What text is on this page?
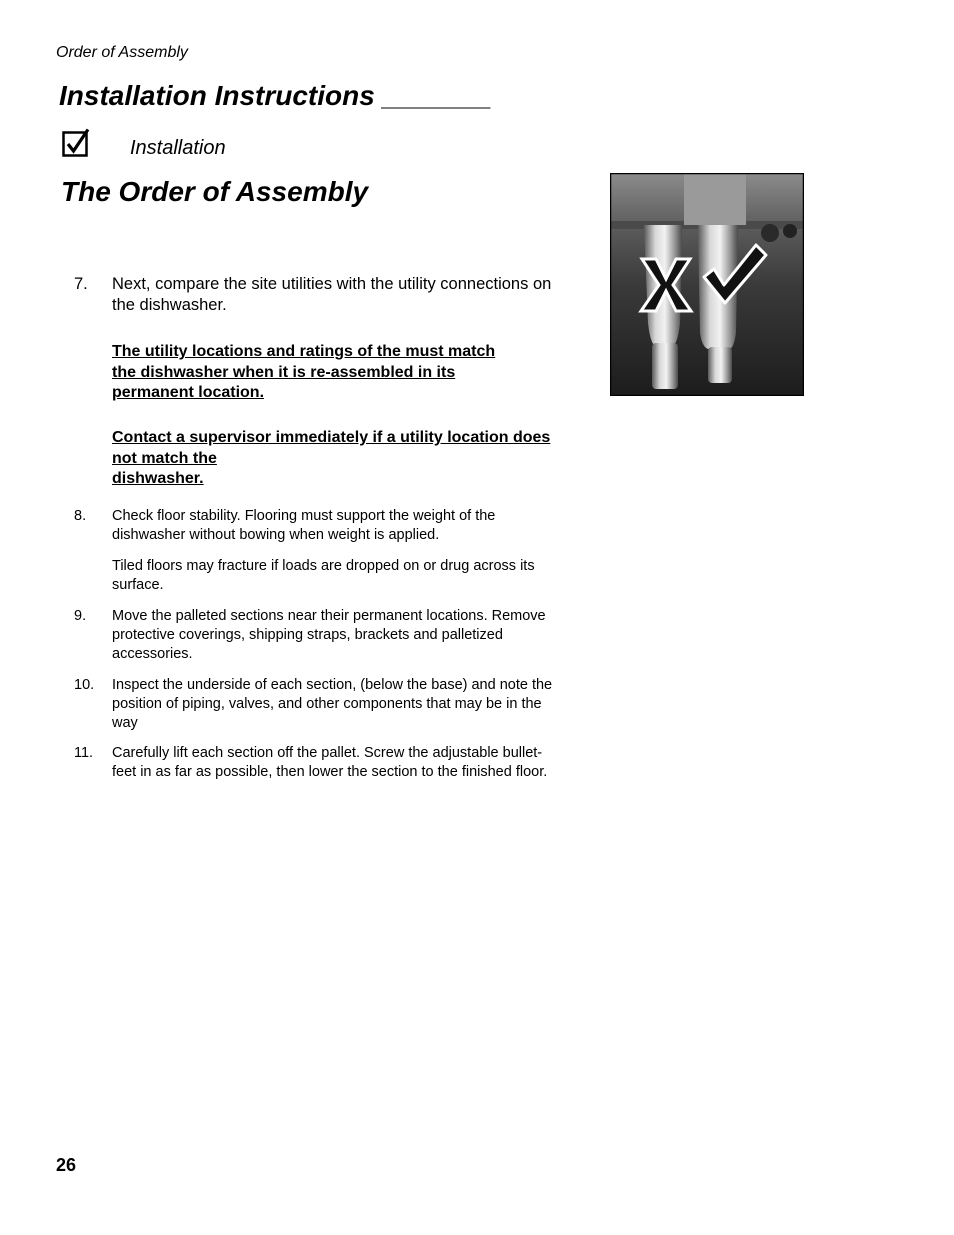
Order of Assembly
Installation Instructions _______
Installation
The Order of Assembly
7. Next, compare the site utilities with the utility connections on the dishwasher.
The utility locations and ratings of the must match the dishwasher when it is re-assembled in its permanent location.
Contact a supervisor immediately if a utility location does not match the
dishwasher.
8. Check floor stability. Flooring must support the weight of the dishwasher without bowing when weight is applied.
Tiled floors may fracture if loads are dropped on or drug across its surface.
9. Move the palleted sections near their permanent locations. Remove protective coverings, shipping straps, brackets and palletized accessories.
10. Inspect the underside of each section, (below the base) and note the position of piping, valves, and other components that may be in the way
11. Carefully lift each section off the pallet. Screw the adjustable bullet-feet in as far as possible, then lower the section to the finished floor.
26
